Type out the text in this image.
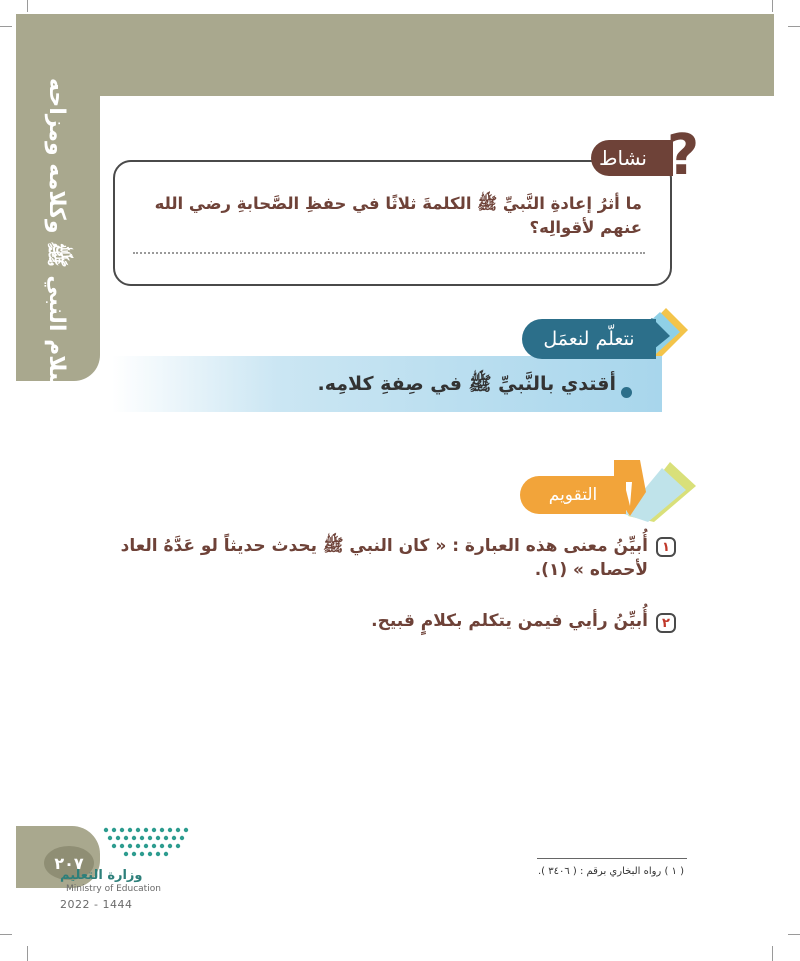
سلام النبي ﷺ وكلامه ومزاحه	نشاط ?
ما أثرُ إعادةِ النَّبيِّ ﷺ الكلمةَ ثلاثًا في حفظِ الصَّحابةِ رضي الله عنهم لأقوالِه؟
نتعلّم لنعمَل
أقتدي بالنَّبيِّ ﷺ في صِفةِ كلامِه.
التقويم
١
أُبيِّنُ معنى هذه العبارة : « كان النبي ﷺ يحدث حديثاً لو عَدَّهُ العاد لأحصاه » (١).
٢
أُبيِّنُ رأيي فيمن يتكلم بكلامٍ قبيح.
( ١ ) رواه البخاري برقم : ( ٣٤٠٦ ).
٢٠٧
وزارة التعليم
Ministry of Education
2022 - 1444
